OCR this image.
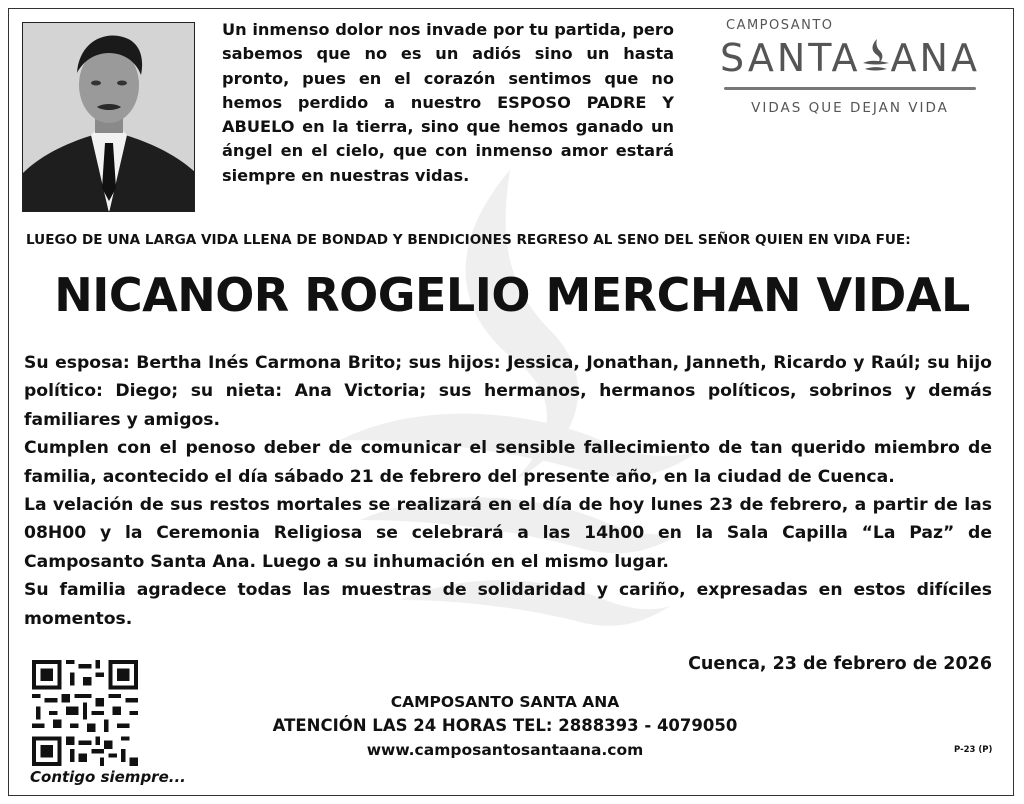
Un inmenso dolor nos invade por tu partida, pero sabemos que no es un adiós sino un hasta pronto, pues en el corazón sentimos que no hemos perdido a nuestro ESPOSO PADRE Y ABUELO en la tierra, sino que hemos ganado un ángel en el cielo, que con inmenso amor estará siempre en nuestras vidas.
CAMPOSANTO
SANTA ANA
VIDAS QUE DEJAN VIDA
LUEGO DE UNA LARGA VIDA LLENA DE BONDAD Y BENDICIONES REGRESO AL SENO DEL SEÑOR QUIEN EN VIDA FUE:
NICANOR ROGELIO MERCHAN VIDAL

Su esposa: Bertha Inés Carmona Brito; sus hijos: Jessica, Jonathan, Janneth, Ricardo y Raúl; su hijo político: Diego; su nieta: Ana Victoria; sus hermanos, hermanos políticos, sobrinos y demás familiares y amigos.

Cumplen con el penoso deber de comunicar el sensible fallecimiento de tan querido miembro de familia, acontecido el día sábado 21 de febrero del presente año, en la ciudad de Cuenca.

La velación de sus restos mortales se realizará en el día de hoy lunes 23 de febrero, a partir de las 08H00 y la Ceremonia Religiosa se celebrará a las 14h00 en la Sala Capilla “La Paz” de Camposanto Santa Ana. Luego a su inhumación en el mismo lugar.

Su familia agradece todas las muestras de solidaridad y cariño, expresadas en estos difíciles momentos.

Cuenca, 23 de febrero de 2026
Contigo siempre...
CAMPOSANTO SANTA ANA
ATENCIÓN LAS 24 HORAS TEL: 2888393 - 4079050
www.camposantosantaana.com	P-23 (P)
